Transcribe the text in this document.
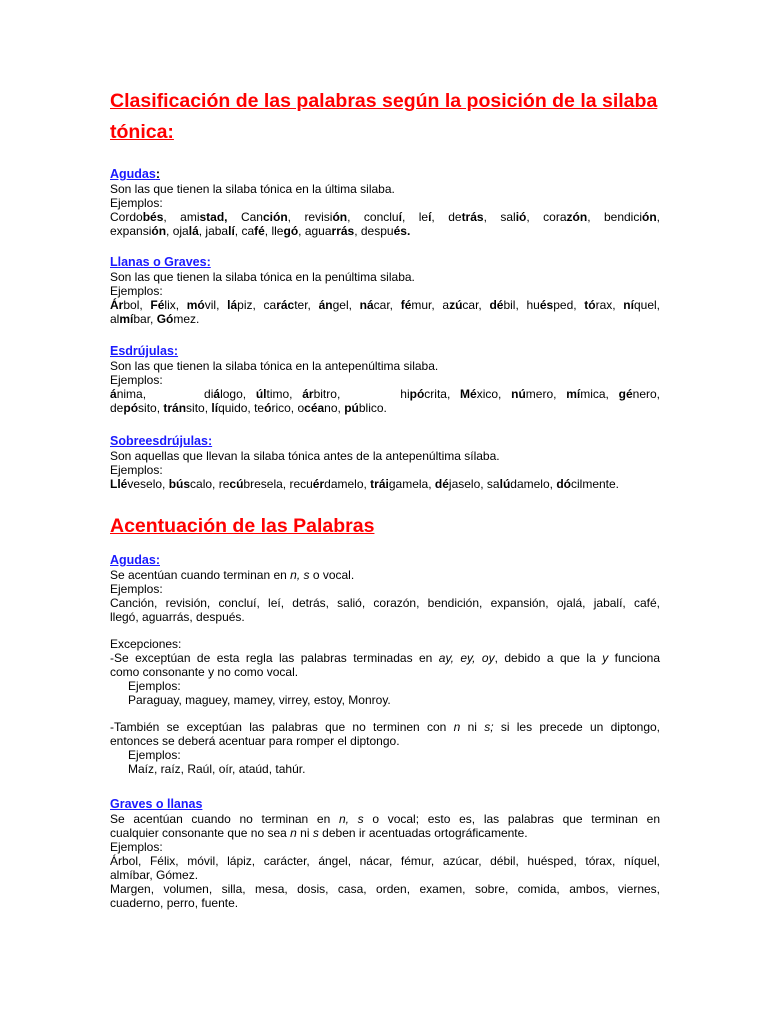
Clasificación de las palabras según la posición de la silaba tónica:

Agudas:

Son las que tienen la silaba tónica en la última silaba.

Ejemplos:

Cordobés, amistad, Canción, revisión, concluí, leí, detrás, salió, corazón, bendición,

expansión, ojalá, jabalí, café, llegó, aguarrás, después.

Llanas o Graves:

Son las que tienen la silaba tónica en la penúltima silaba.

Ejemplos:

Árbol, Félix, móvil, lápiz, carácter, ángel, nácar, fémur, azúcar, débil, huésped, tórax, níquel,

almíbar, Gómez.

Esdrújulas:

Son las que tienen la silaba tónica en la antepenúltima silaba.

Ejemplos:

ánima,	diálogo, último, árbitro,	hipócrita, México, número, mímica, género,

depósito, tránsito, líquido, teórico, océano, público.

Sobreesdrújulas:

Son aquellas que llevan la silaba tónica antes de la antepenúltima sílaba.

Ejemplos:

Lléveselo, búscalo, recúbresela, recuérdamelo, tráigamela, déjaselo, salúdamelo, dócilmente.

Acentuación de las Palabras

Agudas:

Se acentúan cuando terminan en n, s o vocal.

Ejemplos:

Canción, revisión, concluí, leí, detrás, salió, corazón, bendición, expansión, ojalá, jabalí, café,

llegó, aguarrás, después.

Excepciones:

-Se exceptúan de esta regla las palabras terminadas en ay, ey, oy, debido a que la y funciona

como consonante y no como vocal.

Ejemplos:

Paraguay, maguey, mamey, virrey, estoy, Monroy.

-También se exceptúan las palabras que no terminen con n ni s; si les precede un diptongo,

entonces se deberá acentuar para romper el diptongo.

Ejemplos:

Maíz, raíz, Raúl, oír, ataúd, tahúr.

Graves o llanas

Se acentúan cuando no terminan en n, s o vocal; esto es, las palabras que terminan en

cualquier consonante que no sea n ni s deben ir acentuadas ortográficamente.

Ejemplos:

Árbol, Félix, móvil, lápiz, carácter, ángel, nácar, fémur, azúcar, débil, huésped, tórax, níquel,

almíbar, Gómez.

Margen, volumen, silla, mesa, dosis, casa, orden, examen, sobre, comida, ambos, viernes,

cuaderno, perro, fuente.
